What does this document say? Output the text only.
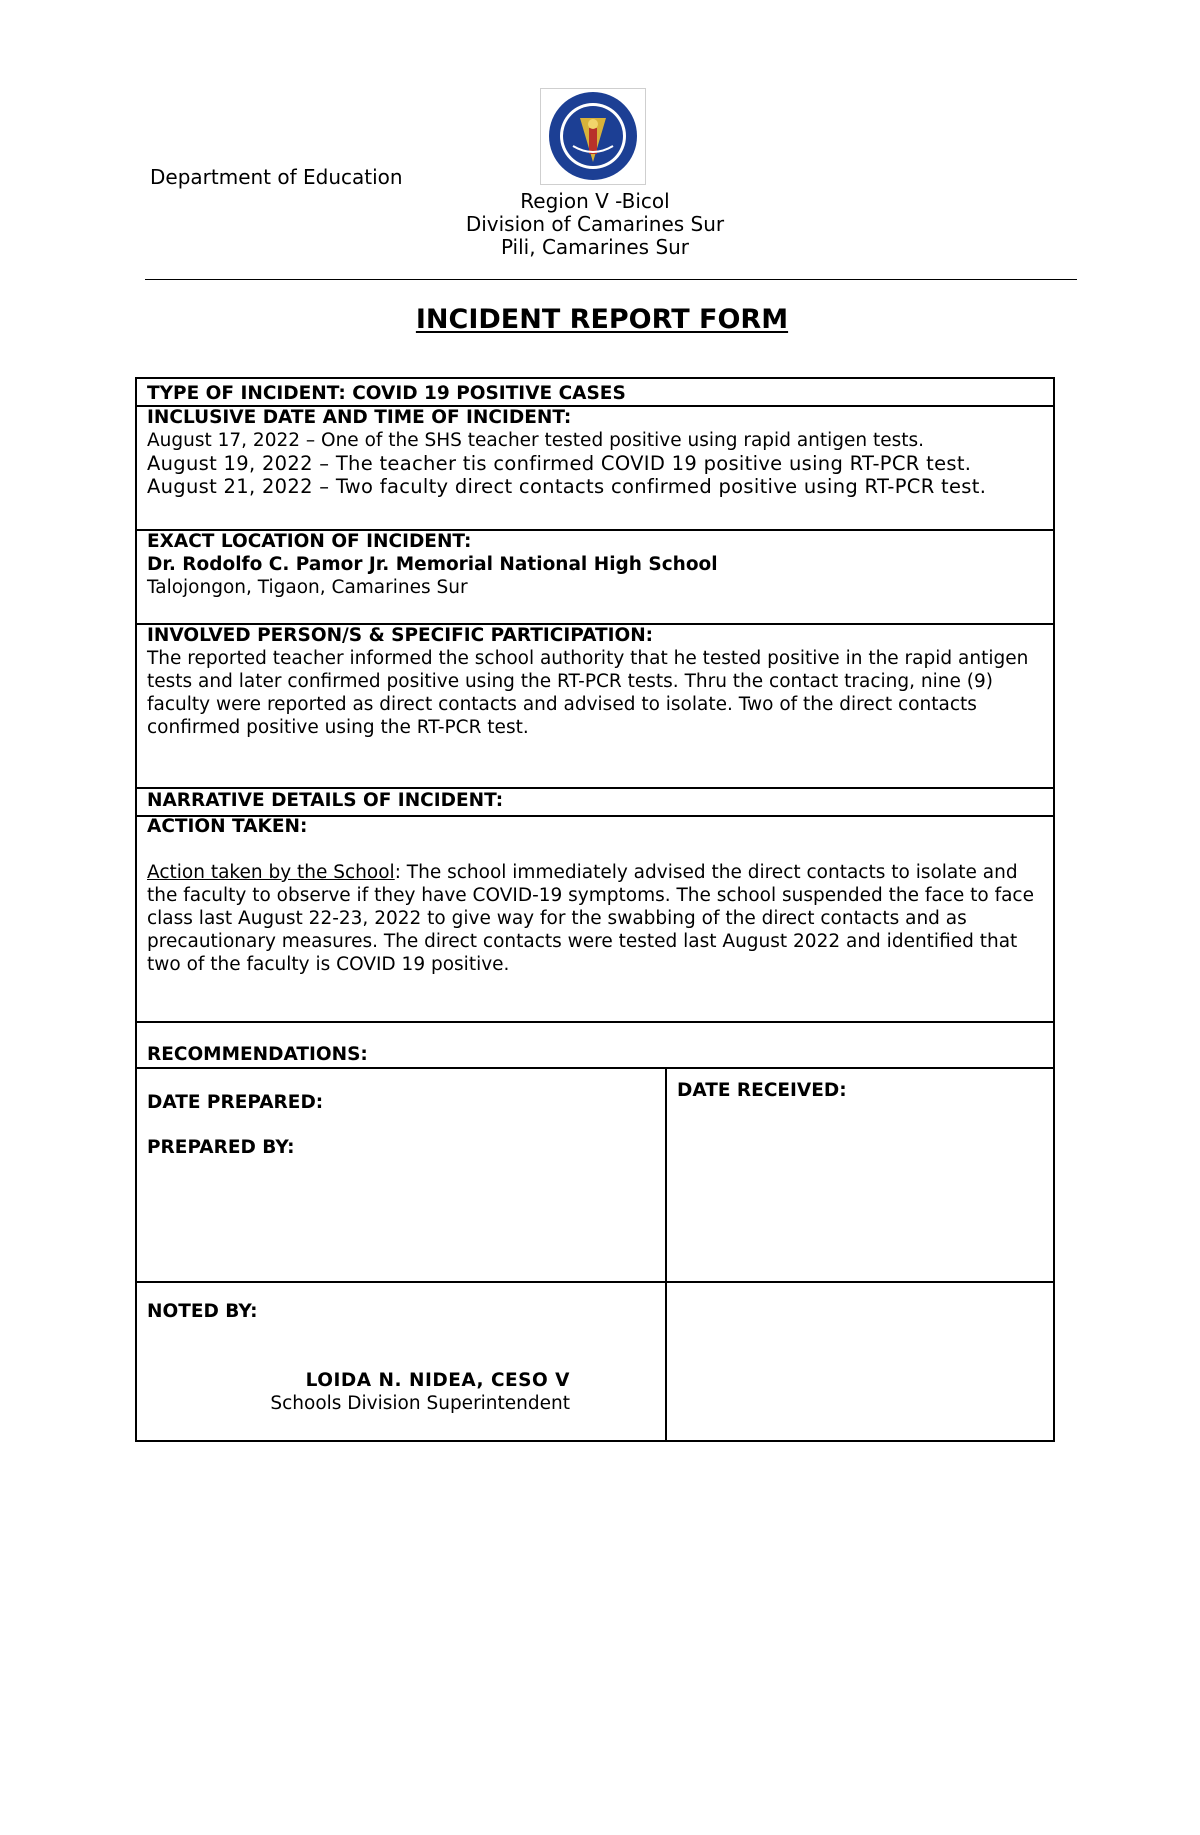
Department of Education
Region V -Bicol
Division of Camarines Sur
Pili, Camarines Sur
INCIDENT REPORT FORM
TYPE OF INCIDENT: COVID 19 POSITIVE CASES
INCLUSIVE DATE AND TIME OF INCIDENT:

August 17, 2022 – One of the SHS teacher tested positive using rapid antigen tests.

August 19, 2022 – The teacher tis confirmed COVID 19 positive using RT-PCR test.

August 21, 2022 – Two faculty direct contacts confirmed positive using RT-PCR test.

EXACT LOCATION OF INCIDENT:
Dr. Rodolfo C. Pamor Jr. Memorial National High School

Talojongon, Tigaon, Camarines Sur

INVOLVED PERSON/S & SPECIFIC PARTICIPATION:

The reported teacher informed the school authority that he tested positive in the rapid antigen tests and later confirmed positive using the RT-PCR tests. Thru the contact tracing, nine (9) faculty were reported as direct contacts and advised to isolate. Two of the direct contacts confirmed positive using the RT-PCR test.

NARRATIVE DETAILS OF INCIDENT:
ACTION TAKEN:

Action taken by the School: The school immediately advised the direct contacts to isolate and the faculty to observe if they have COVID-19 symptoms. The school suspended the face to face class last August 22-23, 2022 to give way for the swabbing of the direct contacts and as precautionary measures. The direct contacts were tested last August 2022 and identified that two of the faculty is COVID 19 positive.

RECOMMENDATIONS:
DATE PREPARED:
PREPARED BY:
DATE RECEIVED:
NOTED BY:
LOIDA N. NIDEA, CESO V
Schools Division Superintendent
